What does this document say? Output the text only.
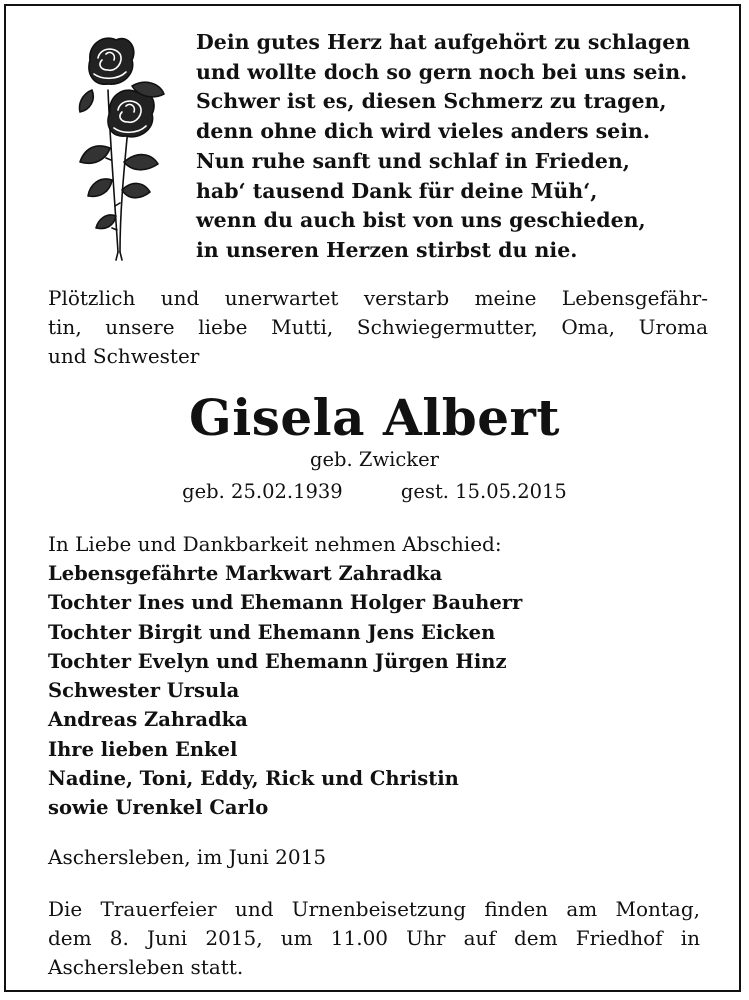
Dein gutes Herz hat aufgehört zu schlagen
und wollte doch so gern noch bei uns sein.
Schwer ist es, diesen Schmerz zu tragen,
denn ohne dich wird vieles anders sein.
Nun ruhe sanft und schlaf in Frieden,
hab‘ tausend Dank für deine Müh‘,
wenn du auch bist von uns geschieden,
in unseren Herzen stirbst du nie.
Plötzlich und unerwartet verstarb meine Lebensgefähr-
tin, unsere liebe Mutti, Schwiegermutter, Oma, Uroma
und Schwester
Gisela Albert
geb. Zwicker
geb. 25.02.1939	gest. 15.05.2015
In Liebe und Dankbarkeit nehmen Abschied:
Lebensgefährte Markwart Zahradka
Tochter Ines und Ehemann Holger Bauherr
Tochter Birgit und Ehemann Jens Eicken
Tochter Evelyn und Ehemann Jürgen Hinz
Schwester Ursula
Andreas Zahradka
Ihre lieben Enkel
Nadine, Toni, Eddy, Rick und Christin
sowie Urenkel Carlo
Aschersleben, im Juni 2015
Die Trauerfeier und Urnenbeisetzung finden am Montag,
dem 8. Juni 2015, um 11.00 Uhr auf dem Friedhof in
Aschersleben statt.
